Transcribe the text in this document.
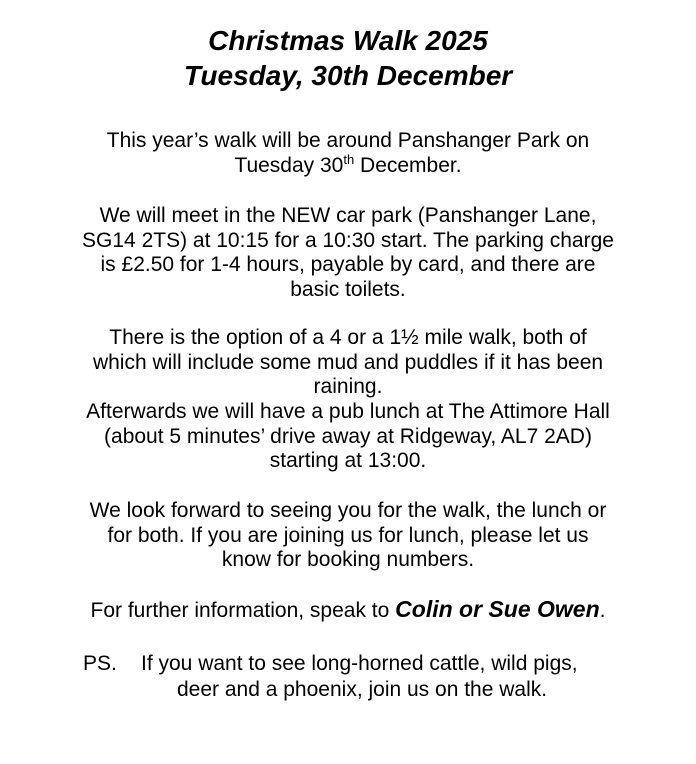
Christmas Walk 2025
Tuesday, 30th December

This year’s walk will be around Panshanger Park on
Tuesday 30th December.

We will meet in the NEW car park (Panshanger Lane,
SG14 2TS) at 10:15 for a 10:30 start. The parking charge
is £2.50 for 1-4 hours, payable by card, and there are
basic toilets.

There is the option of a 4 or a 1½ mile walk, both of
which will include some mud and puddles if it has been
raining.

Afterwards we will have a pub lunch at The Attimore Hall
(about 5 minutes’ drive away at Ridgeway, AL7 2AD)
starting at 13:00.

We look forward to seeing you for the walk, the lunch or
for both. If you are joining us for lunch, please let us
know for booking numbers.

For further information, speak to Colin or Sue Owen.

PS. If you want to see long-horned cattle, wild pigs,
deer and a phoenix, join us on the walk.
